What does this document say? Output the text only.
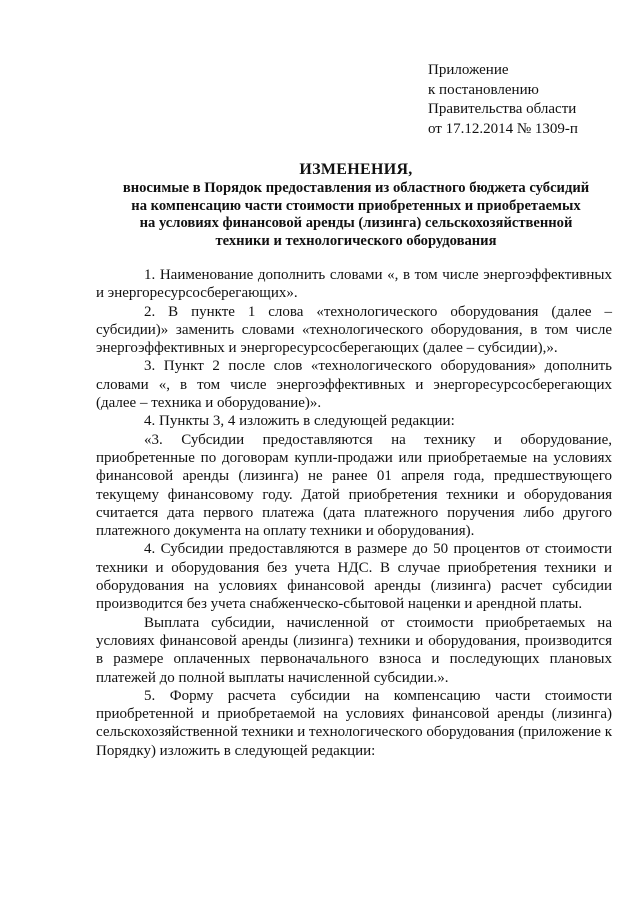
Приложение
к постановлению
Правительства области
от 17.12.2014 № 1309-п
ИЗМЕНЕНИЯ,
вносимые в Порядок предоставления из областного бюджета субсидий
на компенсацию части стоимости приобретенных и приобретаемых
на условиях финансовой аренды (лизинга) сельскохозяйственной
техники и технологического оборудования

1. Наименование дополнить словами «, в том числе энергоэффективных и энергоресурсосберегающих».

2. В пункте 1 слова «технологического оборудования (далее – субсидии)» заменить словами «технологического оборудования, в том числе энергоэффективных и энергоресурсосберегающих (далее – субсидии),».

3. Пункт 2 после слов «технологического оборудования» дополнить словами «, в том числе энергоэффективных и энергоресурсосберегающих (далее – техника и оборудование)».

4. Пункты 3, 4 изложить в следующей редакции:

«3. Субсидии предоставляются на технику и оборудование, приобретенные по договорам купли-продажи или приобретаемые на условиях финансовой аренды (лизинга) не ранее 01 апреля года, предшествующего текущему финансовому году. Датой приобретения техники и оборудования считается дата первого платежа (дата платежного поручения либо другого платежного документа на оплату техники и оборудования).

4. Субсидии предоставляются в размере до 50 процентов от стоимости техники и оборудования без учета НДС. В случае приобретения техники и оборудования на условиях финансовой аренды (лизинга) расчет субсидии производится без учета снабженческо-сбытовой наценки и арендной платы.

Выплата субсидии, начисленной от стоимости приобретаемых на условиях финансовой аренды (лизинга) техники и оборудования, производится в размере оплаченных первоначального взноса и последующих плановых платежей до полной выплаты начисленной субсидии.».

5. Форму расчета субсидии на компенсацию части стоимости приобретенной и приобретаемой на условиях финансовой аренды (лизинга) сельскохозяйственной техники и технологического оборудования (приложение к Порядку) изложить в следующей редакции:
